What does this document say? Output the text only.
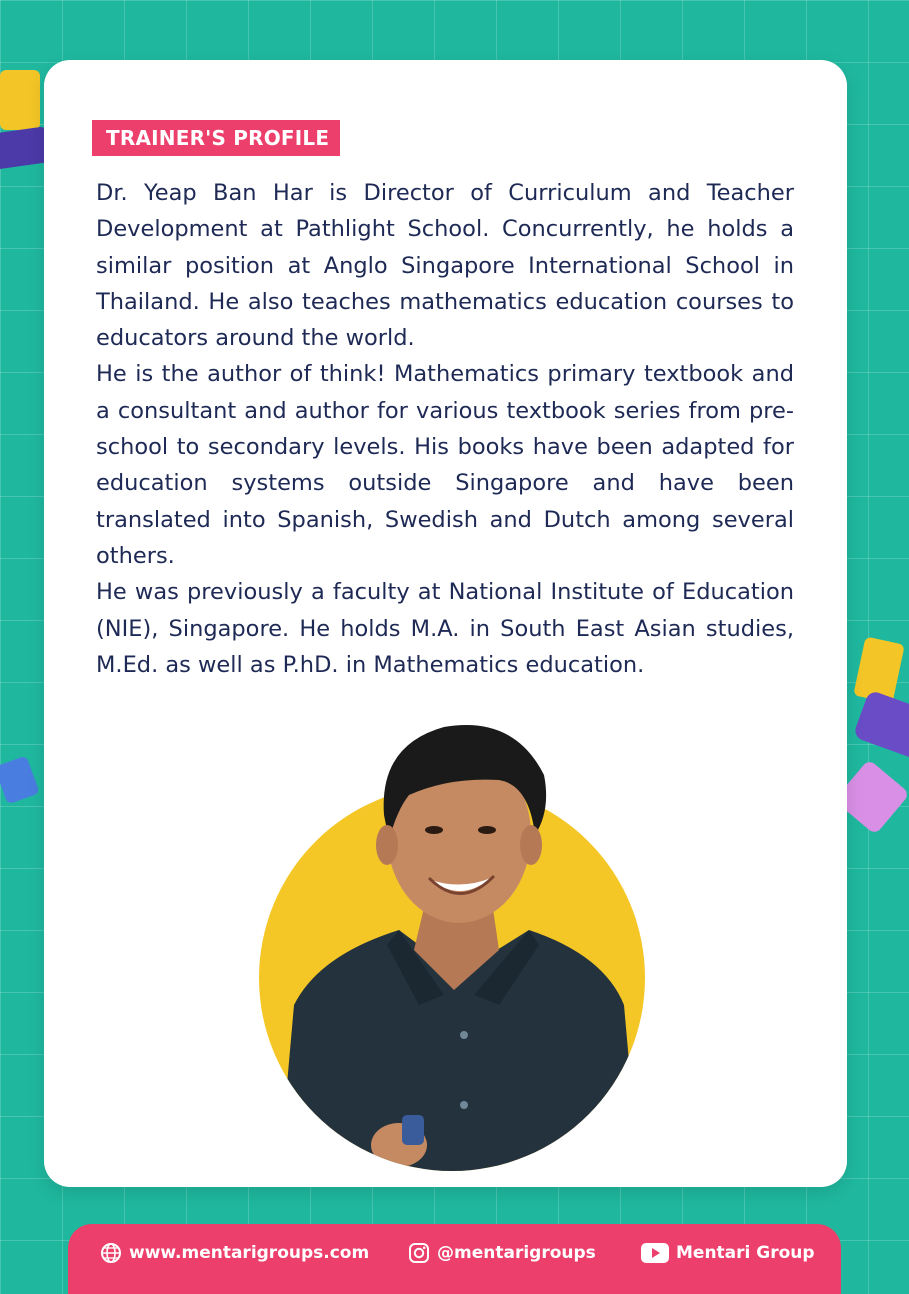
TRAINER'S PROFILE

Dr. Yeap Ban Har is Director of Curriculum and Teacher Development at Pathlight School. Concurrently, he holds a similar position at Anglo Singapore International School in Thailand. He also teaches mathematics education courses to educators around the world.

He is the author of think! Mathematics primary textbook and a consultant and author for various textbook series from pre-school to secondary levels. His books have been adapted for education systems outside Singapore and have been translated into Spanish, Swedish and Dutch among several others.

He was previously a faculty at National Institute of Education (NIE), Singapore. He holds M.A. in South East Asian studies, M.Ed. as well as P.hD. in Mathematics education.

www.mentarigroups.com	@mentarigroups	Mentari Group
